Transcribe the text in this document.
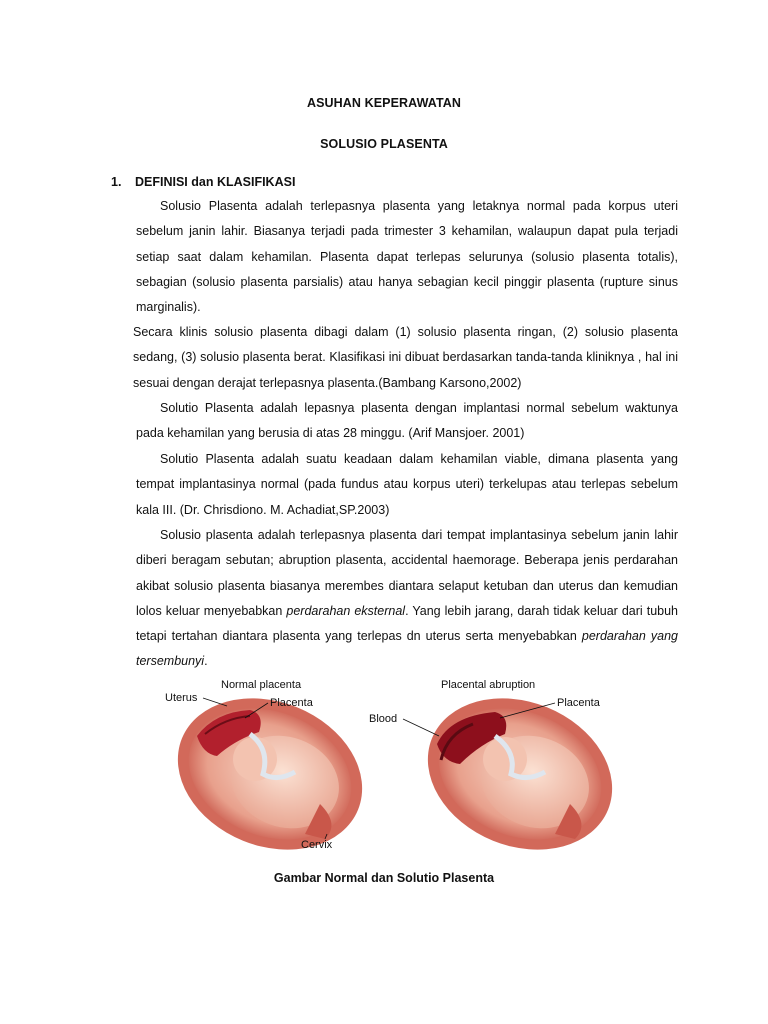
ASUHAN KEPERAWATAN
SOLUSIO PLASENTA
1. DEFINISI dan KLASIFIKASI
Solusio Plasenta adalah terlepasnya plasenta yang letaknya normal pada korpus uteri sebelum janin lahir. Biasanya terjadi pada trimester 3 kehamilan, walaupun dapat pula terjadi setiap saat dalam kehamilan. Plasenta dapat terlepas selurunya (solusio plasenta totalis), sebagian (solusio plasenta parsialis) atau hanya sebagian kecil pinggir plasenta (rupture sinus marginalis).
Secara klinis solusio plasenta dibagi dalam (1) solusio plasenta ringan, (2) solusio plasenta sedang, (3) solusio plasenta berat. Klasifikasi ini dibuat berdasarkan tanda-tanda kliniknya , hal ini sesuai dengan derajat terlepasnya plasenta.(Bambang Karsono,2002)
Solutio Plasenta adalah lepasnya plasenta dengan implantasi normal sebelum waktunya pada kehamilan yang berusia di atas 28 minggu. (Arif Mansjoer. 2001)
Solutio Plasenta adalah suatu keadaan dalam kehamilan viable, dimana plasenta yang tempat implantasinya normal (pada fundus atau korpus uteri) terkelupas atau terlepas sebelum kala III. (Dr. Chrisdiono. M. Achadiat,SP.2003)
Solusio plasenta adalah terlepasnya plasenta dari tempat implantasinya sebelum janin lahir diberi beragam sebutan; abruption plasenta, accidental haemorage. Beberapa jenis perdarahan akibat solusio plasenta biasanya merembes diantara selaput ketuban dan uterus dan kemudian lolos keluar menyebabkan perdarahan eksternal. Yang lebih jarang, darah tidak keluar dari tubuh tetapi tertahan diantara plasenta yang terlepas dn uterus serta menyebabkan perdarahan yang tersembunyi.
Normal placenta
Uterus	Placenta
Cervix
Placental abruption
Blood
Placenta
Gambar Normal dan Solutio Plasenta
